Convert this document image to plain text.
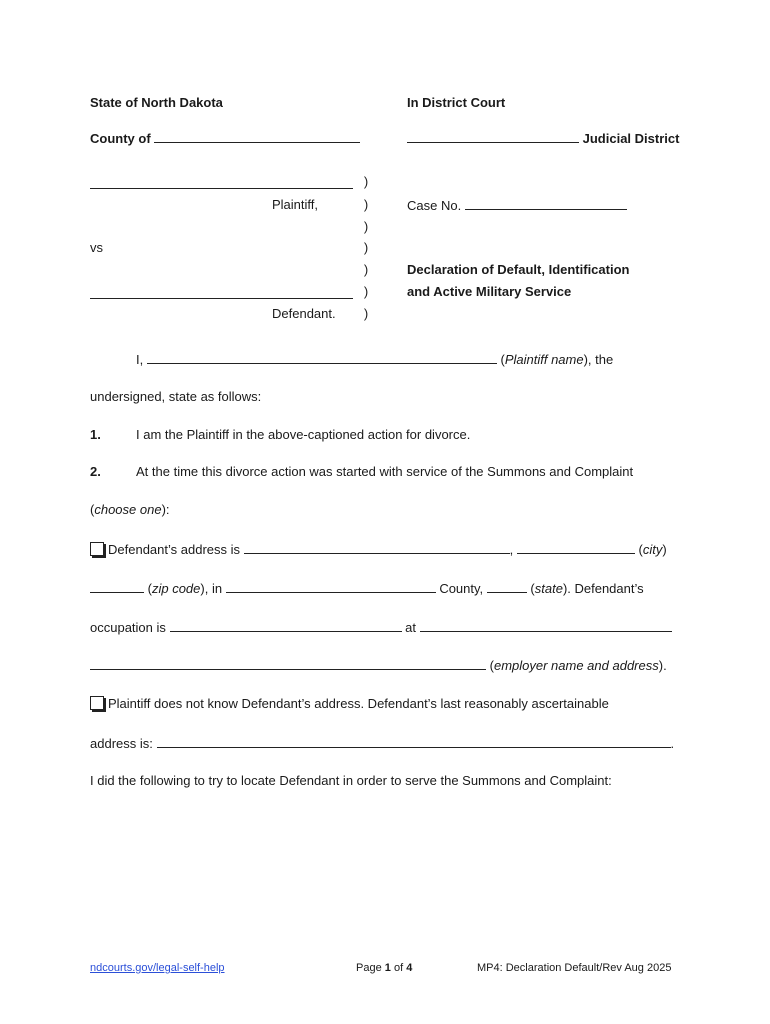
State of North Dakota	In District Court
County of	Judicial District
Plaintiff,
vs
Defendant.
)
)
)
)
)
)
)
Case No.
Declaration of Default, Identification
and Active Military Service
I,	(Plaintiff name), the
undersigned, state as follows:
1.	I am the Plaintiff in the above-captioned action for divorce.
2.	At the time this divorce action was started with service of the Summons and Complaint
(choose one):
Defendant’s address is	,	(city)
(zip code), in	County,	(state). Defendant’s
occupation is	at
(employer name and address).
Plaintiff does not know Defendant’s address. Defendant’s last reasonably ascertainable
address is:	.
I did the following to try to locate Defendant in order to serve the Summons and Complaint:
ndcourts.gov/legal-self-help	Page 1 of 4	MP4: Declaration Default/Rev Aug 2025
